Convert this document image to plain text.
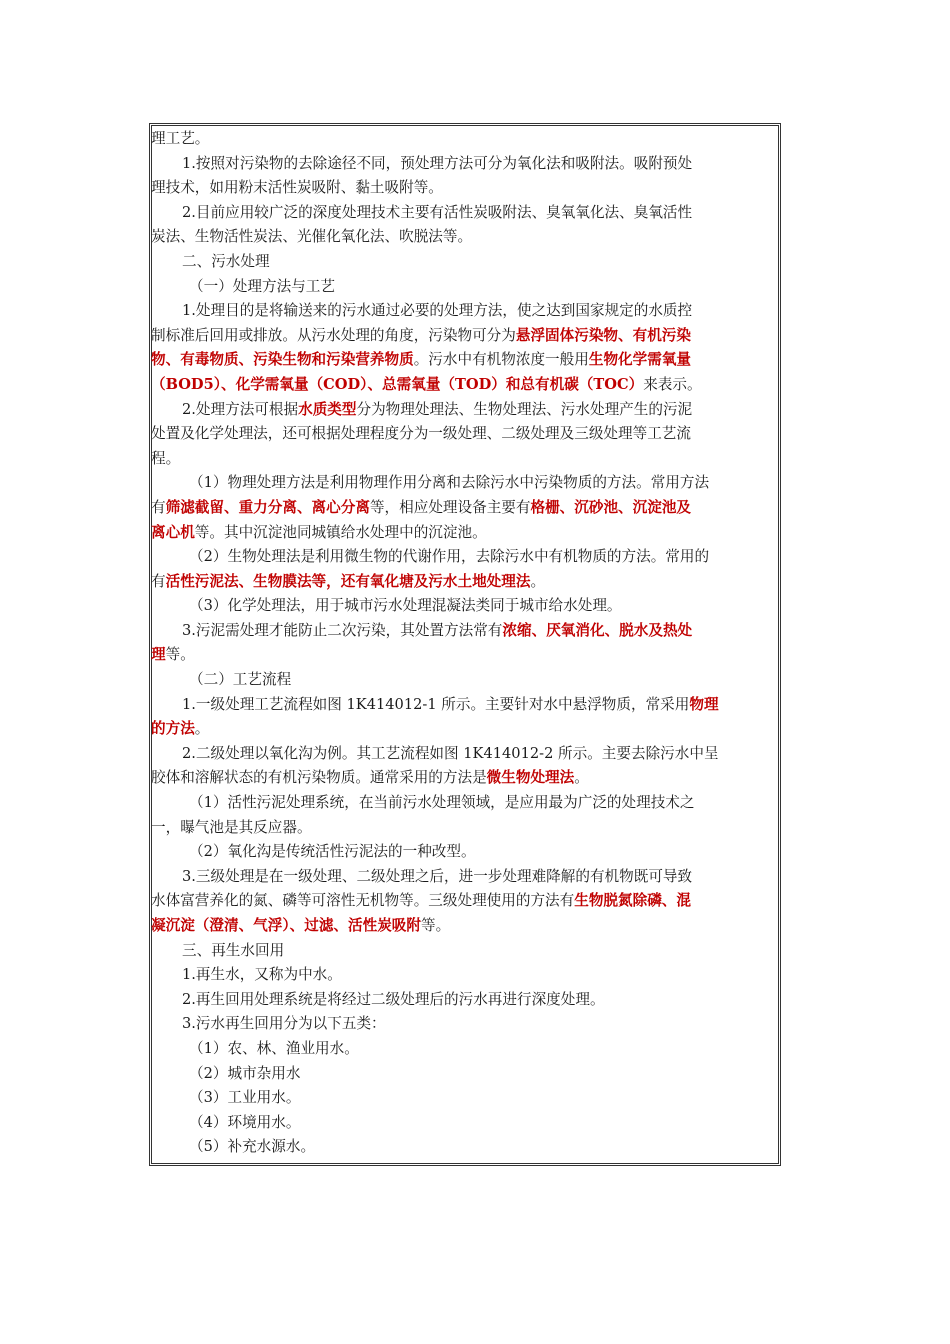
理工艺。
1.按照对污染物的去除途径不同，预处理方法可分为氧化法和吸附法。吸附预处
理技术，如用粉末活性炭吸附、黏土吸附等。
2.目前应用较广泛的深度处理技术主要有活性炭吸附法、臭氧氧化法、臭氧活性
炭法、生物活性炭法、光催化氧化法、吹脱法等。
二、污水处理
（一）处理方法与工艺
1.处理目的是将输送来的污水通过必要的处理方法，使之达到国家规定的水质控
制标准后回用或排放。从污水处理的角度，污染物可分为悬浮固体污染物、有机污染
物、有毒物质、污染生物和污染营养物质。污水中有机物浓度一般用生物化学需氧量
（BOD5）、化学需氧量（COD）、总需氧量（TOD）和总有机碳（TOC）来表示。
2.处理方法可根据水质类型分为物理处理法、生物处理法、污水处理产生的污泥
处置及化学处理法，还可根据处理程度分为一级处理、二级处理及三级处理等工艺流
程。
（1）物理处理方法是利用物理作用分离和去除污水中污染物质的方法。常用方法
有筛滤截留、重力分离、离心分离等，相应处理设备主要有格栅、沉砂池、沉淀池及
离心机等。其中沉淀池同城镇给水处理中的沉淀池。
（2）生物处理法是利用微生物的代谢作用，去除污水中有机物质的方法。常用的
有活性污泥法、生物膜法等，还有氧化塘及污水土地处理法。
（3）化学处理法，用于城市污水处理混凝法类同于城市给水处理。
3.污泥需处理才能防止二次污染，其处置方法常有浓缩、厌氧消化、脱水及热处
理等。
（二）工艺流程
1.一级处理工艺流程如图 1K414012-1 所示。主要针对水中悬浮物质，常采用物理
的方法。
2.二级处理以氧化沟为例。其工艺流程如图 1K414012-2 所示。主要去除污水中呈
胶体和溶解状态的有机污染物质。通常采用的方法是微生物处理法。
（1）活性污泥处理系统，在当前污水处理领域，是应用最为广泛的处理技术之
一，曝气池是其反应器。
（2）氧化沟是传统活性污泥法的一种改型。
3.三级处理是在一级处理、二级处理之后，进一步处理难降解的有机物既可导致
水体富营养化的氮、磷等可溶性无机物等。三级处理使用的方法有生物脱氮除磷、混
凝沉淀（澄清、气浮）、过滤、活性炭吸附等。
三、再生水回用
1.再生水，又称为中水。
2.再生回用处理系统是将经过二级处理后的污水再进行深度处理。
3.污水再生回用分为以下五类：
（1）农、林、渔业用水。
（2）城市杂用水
（3）工业用水。
（4）环境用水。
（5）补充水源水。
